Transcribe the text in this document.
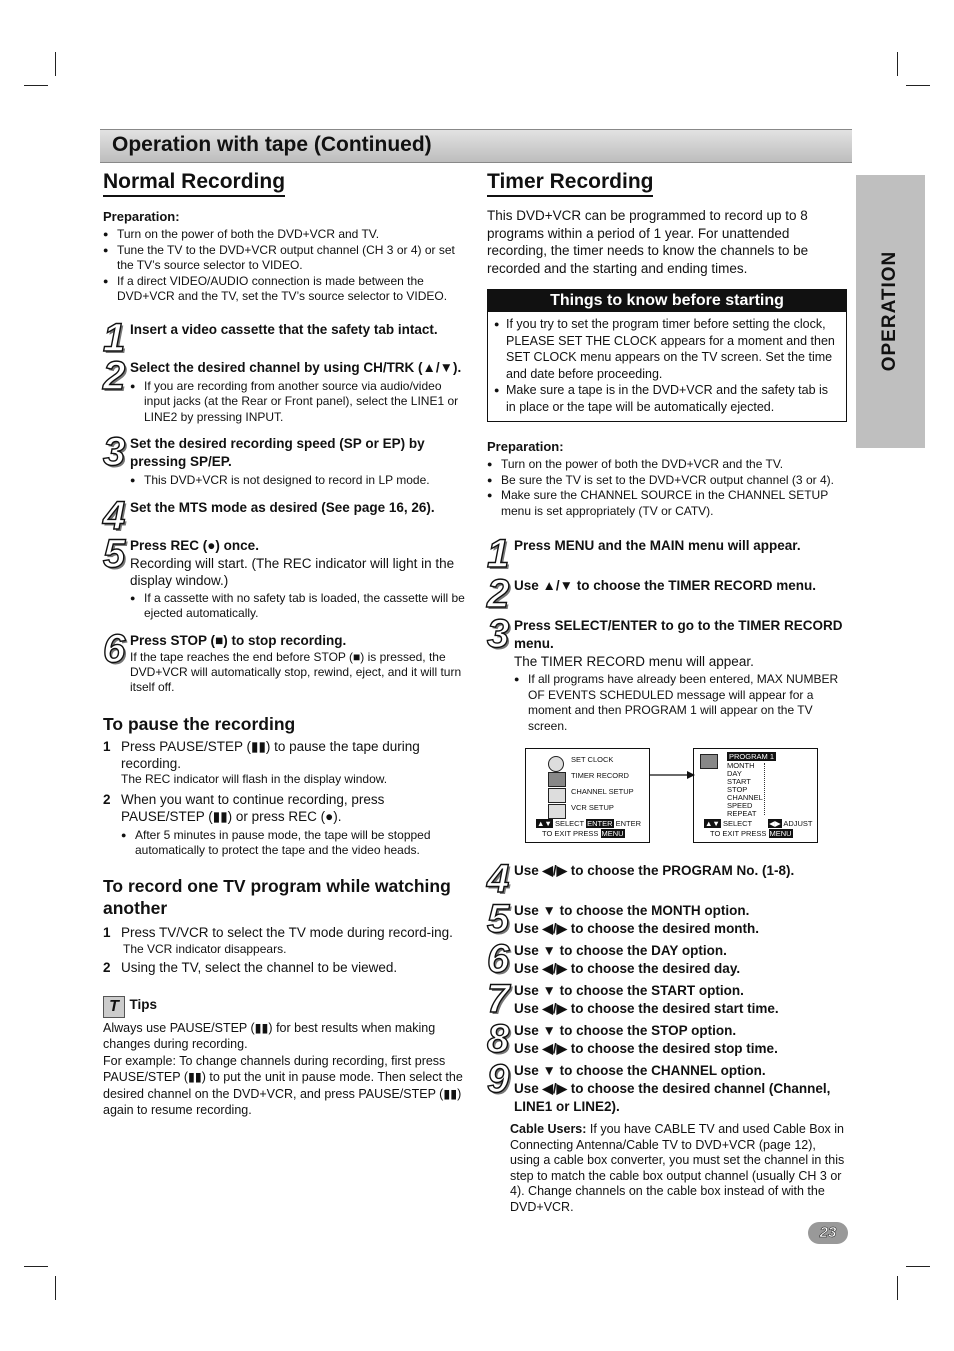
Operation with tape (Continued)
OPERATION
Normal Recording
Preparation:
● Turn on the power of both the DVD+VCR and TV.
● Tune the TV to the DVD+VCR output channel (CH 3 or 4) or set the TV’s source selector to VIDEO.
● If a direct VIDEO/AUDIO connection is made between the DVD+VCR and the TV, set the TV’s source selector to VIDEO.
1 Insert a video cassette that the safety tab intact.
2 Select the desired channel by using CH/TRK (▲/▼).
● If you are recording from another source via audio/video input jacks (at the Rear or Front panel), select the LINE1 or LINE2 by pressing INPUT.
3 Set the desired recording speed (SP or EP) by pressing SP/EP.
● This DVD+VCR is not designed to record in LP mode.
4 Set the MTS mode as desired (See page 16, 26).
5 Press REC (●) once.
Recording will start. (The REC indicator will light in the display window.)
● If a cassette with no safety tab is loaded, the cassette will be ejected automatically.
6 Press STOP (■) to stop recording.
If the tape reaches the end before STOP (■) is pressed, the DVD+VCR will automatically stop, rewind, eject, and it will turn itself off.
To pause the recording
1 Press PAUSE/STEP (▮▮) to pause the tape during recording.
The REC indicator will flash in the display window.
2 When you want to continue recording, press PAUSE/STEP (▮▮) or press REC (●).
● After 5 minutes in pause mode, the tape will be stopped automatically to protect the tape and the video heads.
To record one TV program while watching another
1 Press TV/VCR to select the TV mode during record-ing.
The VCR indicator disappears.
2 Using the TV, select the channel to be viewed.
T Tips

Always use PAUSE/STEP (▮▮) for best results when making changes during recording.

For example: To change channels during recording, first press PAUSE/STEP (▮▮) to put the unit in pause mode. Then select the desired channel on the DVD+VCR, and press PAUSE/STEP (▮▮) again to resume recording.

Timer Recording
This DVD+VCR can be programmed to record up to 8 programs within a period of 1 year. For unattended recording, the timer needs to know the channels to be recorded and the starting and ending times.
Things to know before starting
● If you try to set the program timer before setting the clock, PLEASE SET THE CLOCK appears for a moment and then SET CLOCK menu appears on the TV screen. Set the time and date before proceeding.
● Make sure a tape is in the DVD+VCR and the safety tab is in place or the tape will be automatically ejected.
Preparation:
● Turn on the power of both the DVD+VCR and the TV.
● Be sure the TV is set to the DVD+VCR output channel (3 or 4).
● Make sure the CHANNEL SOURCE in the CHANNEL SETUP menu is set appropriately (TV or CATV).
1 Press MENU and the MAIN menu will appear.
2 Use ▲/▼ to choose the TIMER RECORD menu.
3 Press SELECT/ENTER to go to the TIMER RECORD menu.
The TIMER RECORD menu will appear.
● If all programs have already been entered, MAX NUMBER OF EVENTS SCHEDULED message will appear for a moment and then PROGRAM 1 will appear on the TV screen.
SET CLOCK
TIMER RECORD
CHANNEL SETUP
VCR SETUP
▲▼ SELECT ENTER ENTER
TO EXIT PRESS MENU
PROGRAM 1
MONTH
DAY
START
STOP
CHANNEL
SPEED
REPEAT
▲▼ SELECT ◀▶ ADJUST
TO EXIT PRESS MENU
4 Use ◀/▶ to choose the PROGRAM No. (1-8).
5 Use ▼ to choose the MONTH option.
Use ◀/▶ to choose the desired month.
6 Use ▼ to choose the DAY option.
Use ◀/▶ to choose the desired day.
7 Use ▼ to choose the START option.
Use ◀/▶ to choose the desired start time.
8 Use ▼ to choose the STOP option.
Use ◀/▶ to choose the desired stop time.
9 Use ▼ to choose the CHANNEL option.
Use ◀/▶ to choose the desired channel (Channel, LINE1 or LINE2).
Cable Users: If you have CABLE TV and used Cable Box in Connecting Antenna/Cable TV to DVD+VCR (page 12), using a cable box converter, you must set the channel in this step to match the cable box output channel (usually CH 3 or 4). Change channels on the cable box instead of with the DVD+VCR.
23
